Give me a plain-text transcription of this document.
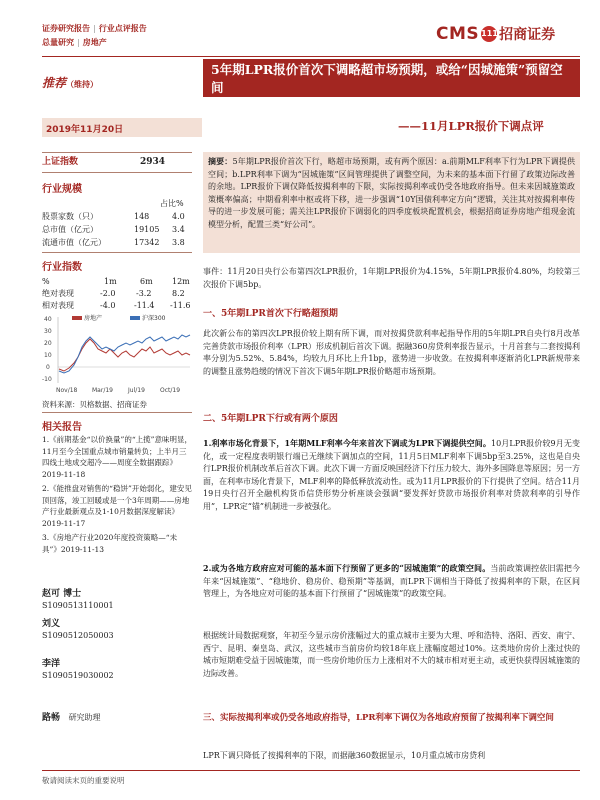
证券研究报告 | 行业点评报告
总量研究 | 房地产	CMS 111招商证券
推荐（维持）
5年期LPR报价首次下调略超市场预期，或给“因城施策”预留空间
2019年11月20日	——11月LPR报价下调点评
上证指数	2934
行业规模
占比%
股票家数（只）	148	4.0
总市值（亿元）	19105 3.4
流通市值（亿元）	17342 3.8
行业指数
%	1m	6m 12m
绝对表现	-2.0	-3.2	8.2
相对表现	-4.0 -11.4 -11.6
40
30
20
10
0
-10
Nov/18 Mar/19	Jul/19	Oct/19
房地产	沪深300
资料来源：贝格数据、招商证券
相关报告
1.《前期基金“以价换量”的“上揽”意味明显，11月至今全国重点城市销量转负；上半月三四线土地成交超冷——周度全数据跟踪》2019-11-18
2.《能推盘对销售的“稳饼”开始弱化，建安见顶回落，竣工回暖或是一个3年周期——房地产行业最新观点及1-10月数据深度解读》2019-11-17
3.《房地产行业2020年度投资策略—“未具”》2019-11-13
赵可 博士
S1090513110001
刘义
S1090512050003
李洋
S1090519030002
路畅 研究助理
摘要：5年期LPR报价首次下行，略超市场预期，或有两个原因：a.前期MLF利率下行为LPR下调提供空间；b.LPR利率下调为“因城施策”区间管理提供了调整空间，为未来的基本面下行留了政策边际改善的余地。LPR报价下调仅降低按揭利率的下限，实际按揭利率或仍受各地政府指导。但未来因城施策政策概率偏高；中期看利率中枢或将下移，进一步强调“10Y国债利率定方向”逻辑，关注其对按揭利率传导的进一步发展可能；需关注LPR报价下调弱化的四季度板块配置机会，根据招商证券房地产组现金流模型分析，配置三类“好公司”。
事件：11月20日央行公布第四次LPR报价，1年期LPR报价为4.15%，5年期LPR报价4.80%，均较第三次报价下调5bp。
一、5年期LPR首次下行略超预期
此次新公布的第四次LPR报价较上期有所下调，而对按揭贷款利率起指导作用的5年期LPR自央行8月改革完善贷款市场报价利率（LPR）形成机制后首次下调。据融360房贷利率报告显示，十月首套与二套按揭利率分别为5.52%、5.84%，均较九月环比上升1bp，涨势进一步收敛。在按揭利率逐渐消化LPR新规带来的调整且涨势趋缓的情况下首次下调5年期LPR报价略超市场预期。
二、5年期LPR下行或有两个原因
1.利率市场化背景下，1年期MLF利率今年来首次下调或为LPR下调提供空间。10月LPR报价较9月无变化，或一定程度表明银行端已无继续下调加点的空间，11月5日MLF利率下调5bp至3.25%，这也是自央行LPR报价机制改革后首次下调。此次下调一方面反映国经济下行压力较大、海外多国降息等原因；另一方面，在利率市场化背景下，MLF利率的降低释放流动性。或为11月LPR报价的下行提供了空间。结合11月19日央行召开全融机构货币信贷形势分析座谈会强调“要发挥好贷款市场报价利率对贷款利率的引导作用”，LPR定“锚”机制进一步被强化。
2.或为各地方政府应对可能的基本面下行预留了更多的“因城施策”的政策空间。当前政策调控依旧需把今年来“因城施策”、“稳地价、稳房价、稳预期”等基调，而LPR下调相当于降低了按揭利率的下限，在区间管理上，为各地应对可能的基本面下行预留了“因城施策”的政策空间。
根据统计局数据观察，年初至今显示房价涨幅过大的重点城市主要为大理、呼和浩特、洛阳、西安、南宁、西宁、昆明、秦皇岛、武汉，这些城市当前房价均较18年底上涨幅度超过10%。这类地价房价上涨过快的城市短期难受益于因城施策，而一些房价地价压力上涨相对不大的城市相对更主动，或更快获得因城施策的边际改善。
三、实际按揭利率或仍受各地政府指导，LPR利率下调仅为各地政府预留了按揭利率下调空间
LPR下调只降低了按揭利率的下限，而据融360数据显示，10月重点城市房贷利
敬请阅读末页的重要说明
